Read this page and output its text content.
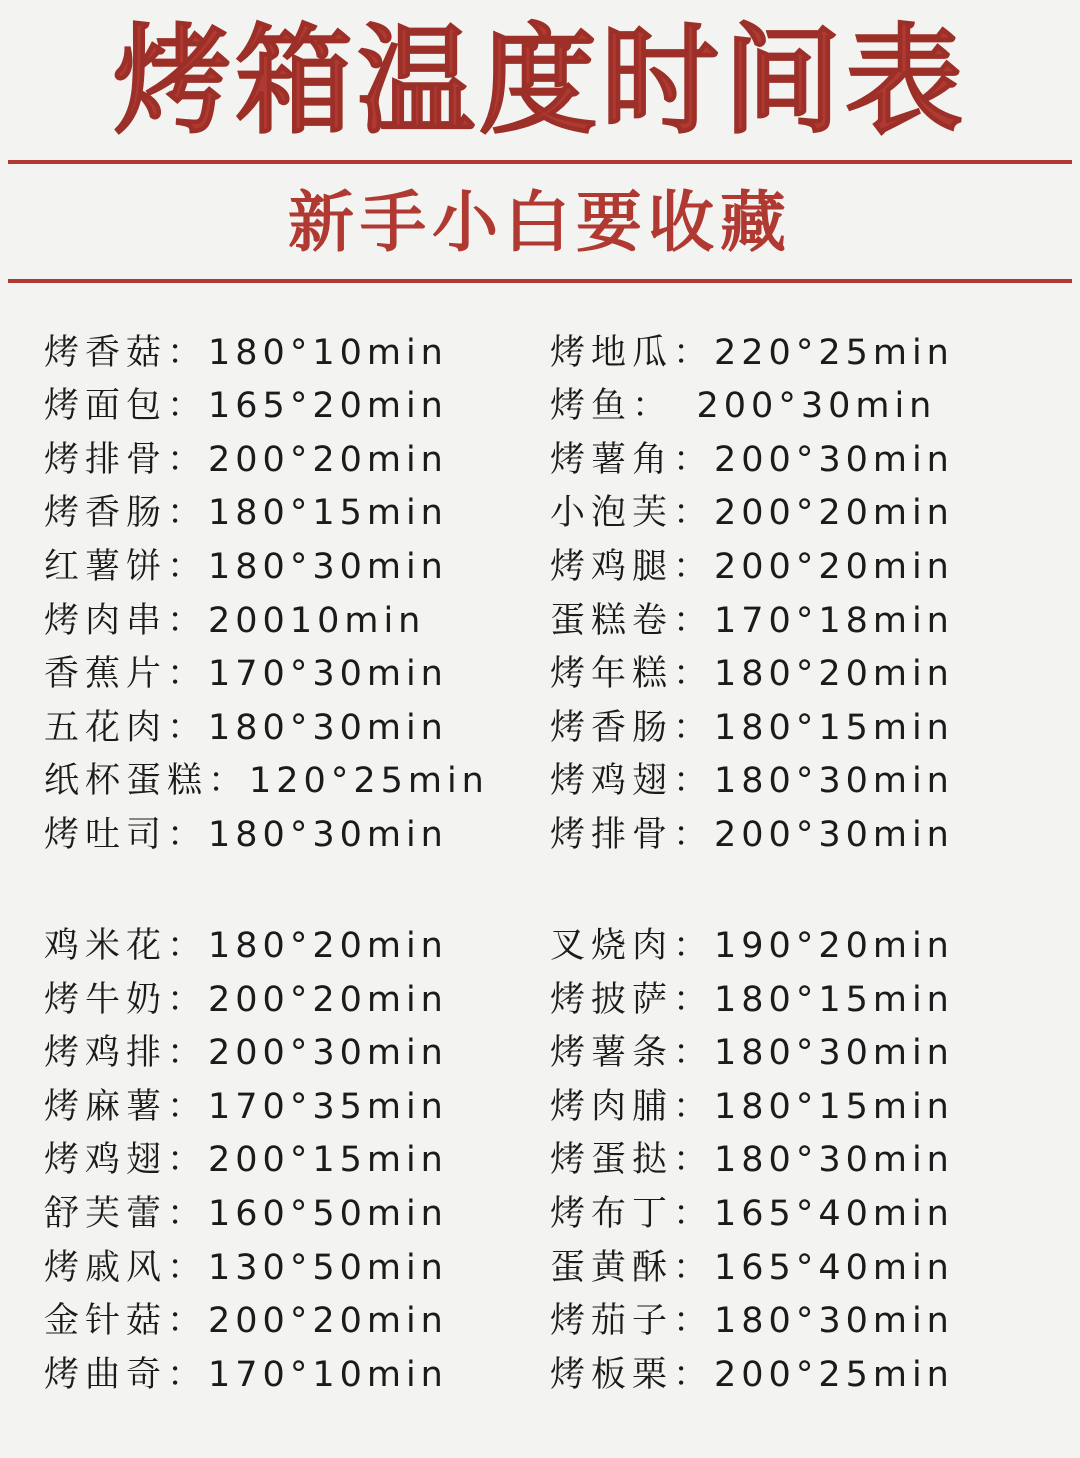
烤箱温度时间表
新手小白要收藏
烤香菇：180°10min
烤面包：165°20min
烤排骨：200°20min
烤香肠：180°15min
红薯饼：180°30min
烤肉串：20010min
香蕉片：170°30min
五花肉：180°30min
纸杯蛋糕：120°25min
烤吐司：180°30min
鸡米花：180°20min
烤牛奶：200°20min
烤鸡排：200°30min
烤麻薯：170°35min
烤鸡翅：200°15min
舒芙蕾：160°50min
烤戚风：130°50min
金针菇：200°20min
烤曲奇：170°10min
烤地瓜：220°25min
烤鱼：　200°30min
烤薯角：200°30min
小泡芙：200°20min
烤鸡腿：200°20min
蛋糕卷：170°18min
烤年糕：180°20min
烤香肠：180°15min
烤鸡翅：180°30min
烤排骨：200°30min
叉烧肉：190°20min
烤披萨：180°15min
烤薯条：180°30min
烤肉脯：180°15min
烤蛋挞：180°30min
烤布丁：165°40min
蛋黄酥：165°40min
烤茄子：180°30min
烤板栗：200°25min
